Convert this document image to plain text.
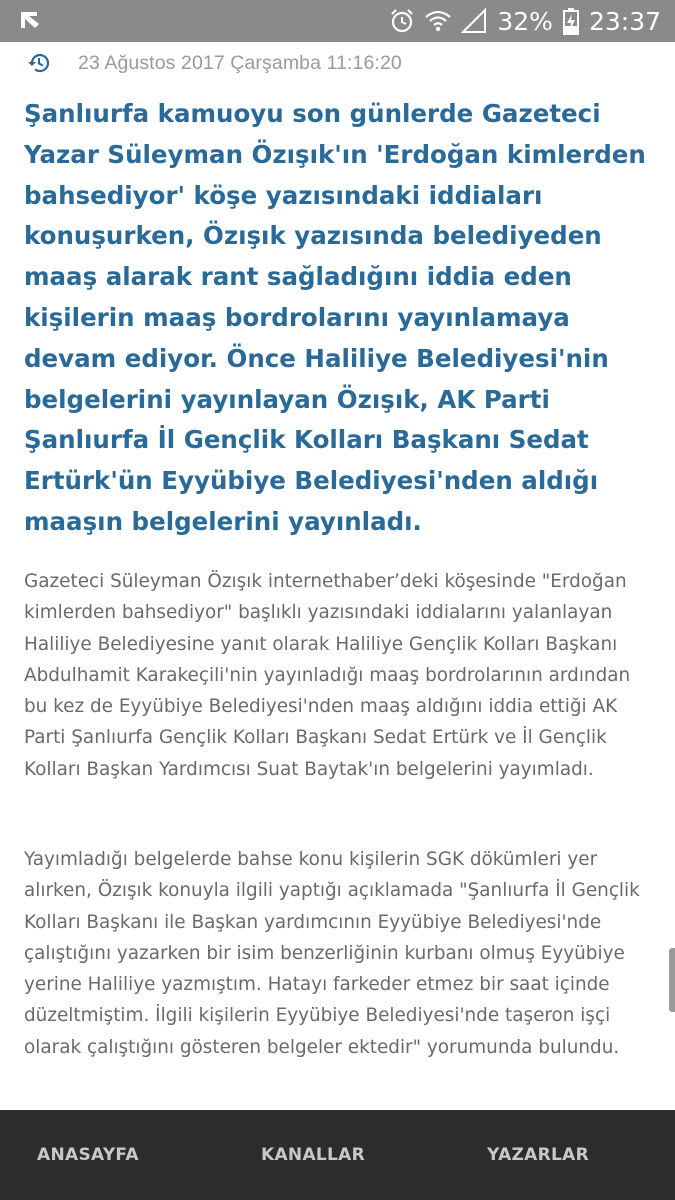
32% 23:37
23 Ağustos 2017 Çarşamba 11:16:20
Şanlıurfa kamuoyu son günlerde Gazeteci Yazar Süleyman Özışık'ın 'Erdoğan kimlerden bahsediyor' köşe yazısındaki iddiaları konuşurken, Özışık yazısında belediyeden maaş alarak rant sağladığını iddia eden kişilerin maaş bordrolarını yayınlamaya devam ediyor. Önce Haliliye Belediyesi'nin belgelerini yayınlayan Özışık, AK Parti Şanlıurfa İl Gençlik Kolları Başkanı Sedat Ertürk'ün Eyyübiye Belediyesi'nden aldığı maaşın belgelerini yayınladı.

Gazeteci Süleyman Özışık internethaber’deki köşesinde "Erdoğan kimlerden bahsediyor" başlıklı yazısındaki iddialarını yalanlayan Haliliye Belediyesine yanıt olarak Haliliye Gençlik Kolları Başkanı Abdulhamit Karakeçili'nin yayınladığı maaş bordrolarının ardından bu kez de Eyyübiye Belediyesi'nden maaş aldığını iddia ettiği AK Parti Şanlıurfa Gençlik Kolları Başkanı Sedat Ertürk ve İl Gençlik Kolları Başkan Yardımcısı Suat Baytak'ın belgelerini yayımladı.

Yayımladığı belgelerde bahse konu kişilerin SGK dökümleri yer alırken, Özışık konuyla ilgili yaptığı açıklamada "Şanlıurfa İl Gençlik Kolları Başkanı ile Başkan yardımcının Eyyübiye Belediyesi'nde çalıştığını yazarken bir isim benzerliğinin kurbanı olmuş Eyyübiye yerine Haliliye yazmıştım. Hatayı farkeder etmez bir saat içinde düzeltmiştim. İlgili kişilerin Eyyübiye Belediyesi'nde taşeron işçi olarak çalıştığını gösteren belgeler ektedir" yorumunda bulundu.

ANASAYFA	KANALLAR	YAZARLAR
